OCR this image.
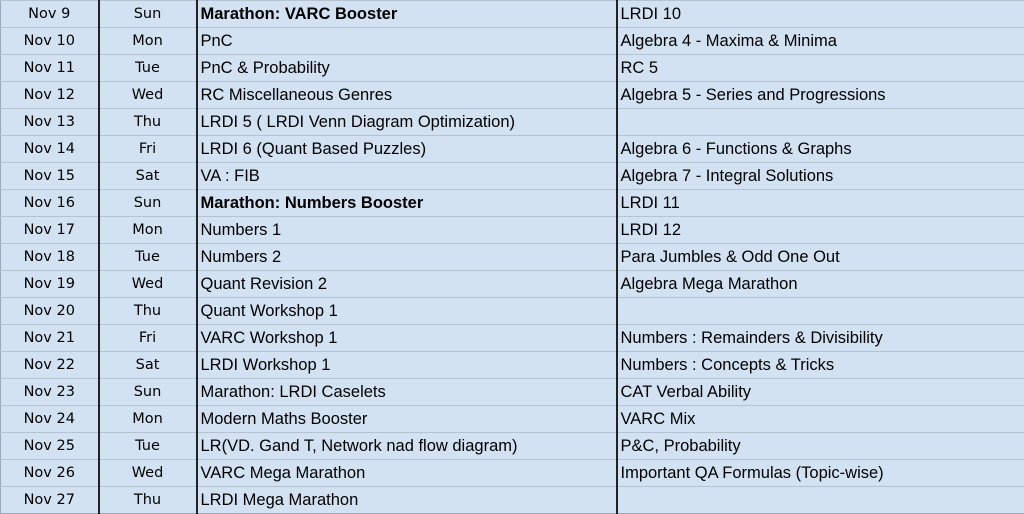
Nov 9	Sun	Marathon: VARC Booster	LRDI 10
Nov 10	Mon	PnC	Algebra 4 - Maxima & Minima
Nov 11	Tue	PnC & Probability	RC 5
Nov 12	Wed	RC Miscellaneous Genres	Algebra 5 - Series and Progressions
Nov 13	Thu	LRDI 5 ( LRDI Venn Diagram Optimization)	
Nov 14	Fri	LRDI 6 (Quant Based Puzzles)	Algebra 6 - Functions & Graphs
Nov 15	Sat	VA : FIB	Algebra 7 - Integral Solutions
Nov 16	Sun	Marathon: Numbers Booster	LRDI 11
Nov 17	Mon	Numbers 1	LRDI 12
Nov 18	Tue	Numbers 2	Para Jumbles & Odd One Out
Nov 19	Wed	Quant Revision 2	Algebra Mega Marathon
Nov 20	Thu	Quant Workshop 1	
Nov 21	Fri	VARC Workshop 1	Numbers : Remainders & Divisibility
Nov 22	Sat	LRDI Workshop 1	Numbers : Concepts & Tricks
Nov 23	Sun	Marathon: LRDI Caselets	CAT Verbal Ability
Nov 24	Mon	Modern Maths Booster	VARC Mix
Nov 25	Tue	LR(VD. Gand T, Network nad flow diagram)	P&C, Probability
Nov 26	Wed	VARC Mega Marathon	Important QA Formulas (Topic-wise)
Nov 27	Thu	LRDI Mega Marathon	
